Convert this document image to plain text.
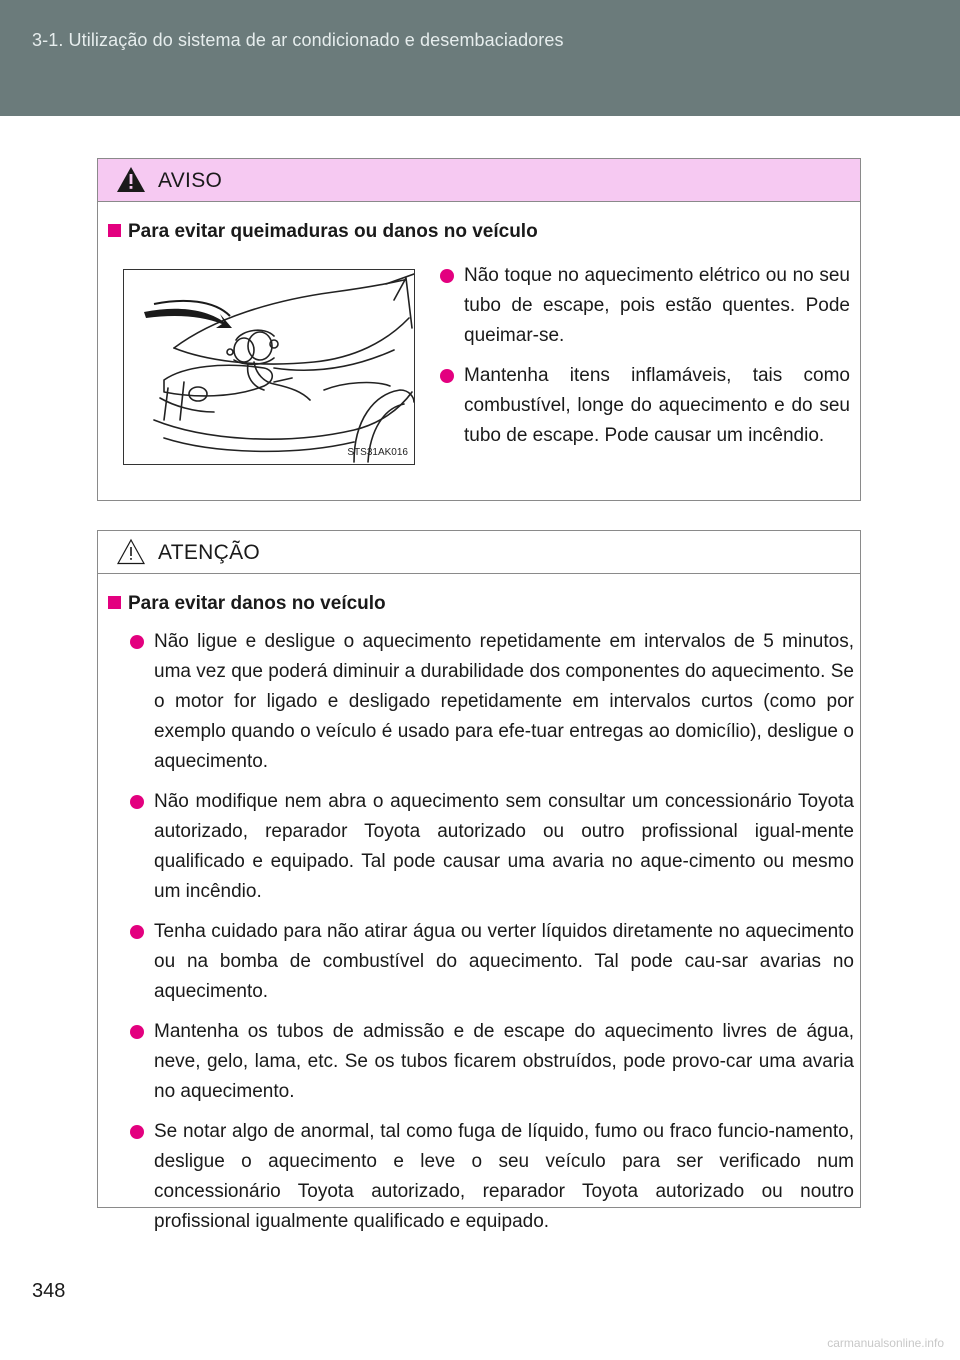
3-1. Utilização do sistema de ar condicionado e desembaciadores
AVISO
Para evitar queimaduras ou danos no veículo
STS31AK016
Não toque no aquecimento elétrico ou no seu tubo de escape, pois estão quentes. Pode queimar-se.
Mantenha itens inflamáveis, tais como combustível, longe do aquecimento e do seu tubo de escape. Pode causar um incêndio.
ATENÇÃO
Para evitar danos no veículo
Não ligue e desligue o aquecimento repetidamente em intervalos de 5 minutos, uma vez que poderá diminuir a durabilidade dos componentes do aquecimento. Se o motor for ligado e desligado repetidamente em intervalos curtos (como por exemplo quando o veículo é usado para efe-tuar entregas ao domicílio), desligue o aquecimento.
Não modifique nem abra o aquecimento sem consultar um concessionário Toyota autorizado, reparador Toyota autorizado ou outro profissional igual-mente qualificado e equipado. Tal pode causar uma avaria no aque-cimento ou mesmo um incêndio.
Tenha cuidado para não atirar água ou verter líquidos diretamente no aquecimento ou na bomba de combustível do aquecimento. Tal pode cau-sar avarias no aquecimento.
Mantenha os tubos de admissão e de escape do aquecimento livres de água, neve, gelo, lama, etc. Se os tubos ficarem obstruídos, pode provo-car uma avaria no aquecimento.
Se notar algo de anormal, tal como fuga de líquido, fumo ou fraco funcio-namento, desligue o aquecimento e leve o seu veículo para ser verificado num concessionário Toyota autorizado, reparador Toyota autorizado ou noutro profissional igualmente qualificado e equipado.
348
carmanualsonline.info
